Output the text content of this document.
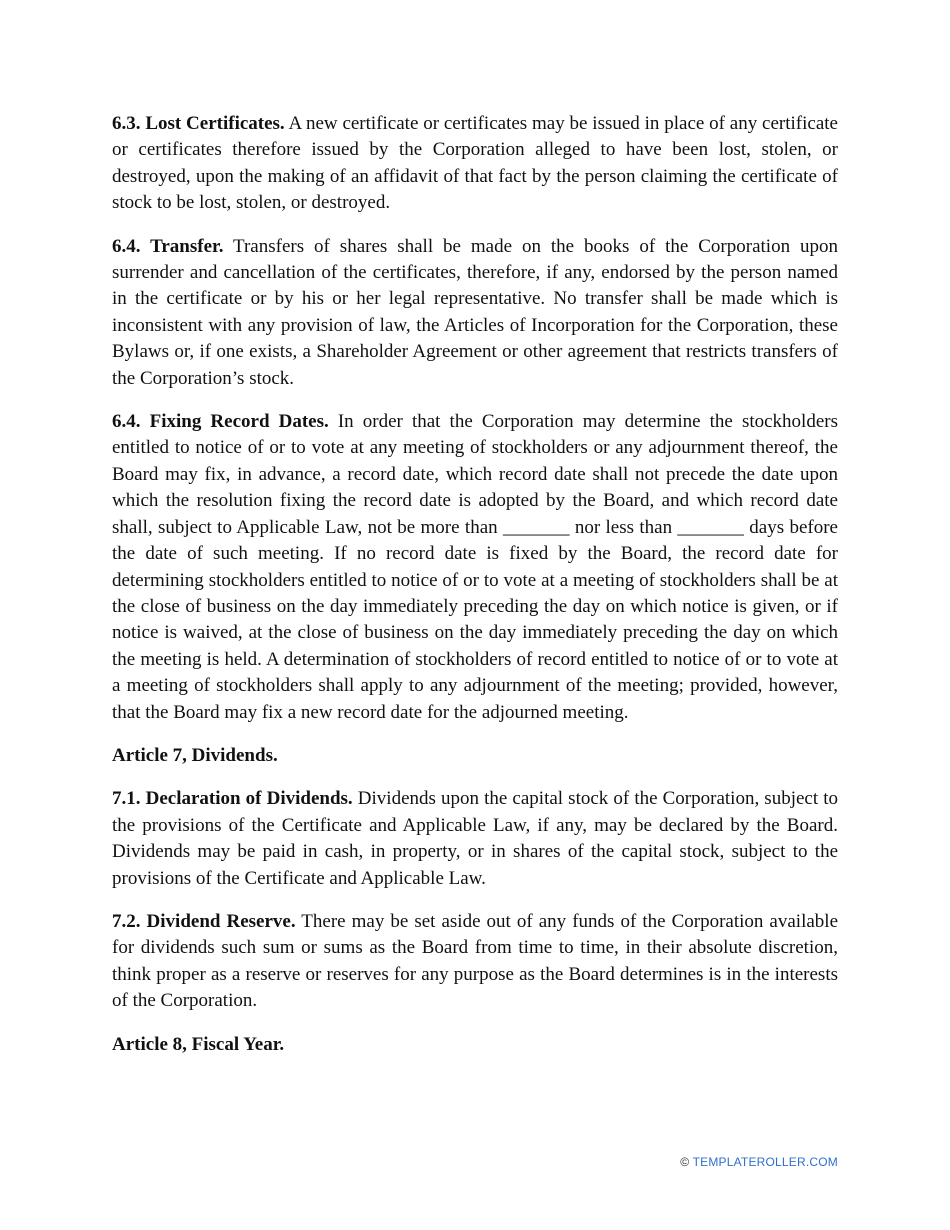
6.3. Lost Certificates. A new certificate or certificates may be issued in place of any certificate or certificates therefore issued by the Corporation alleged to have been lost, stolen, or destroyed, upon the making of an affidavit of that fact by the person claiming the certificate of stock to be lost, stolen, or destroyed.

6.4. Transfer. Transfers of shares shall be made on the books of the Corporation upon surrender and cancellation of the certificates, therefore, if any, endorsed by the person named in the certificate or by his or her legal representative. No transfer shall be made which is inconsistent with any provision of law, the Articles of Incorporation for the Corporation, these Bylaws or, if one exists, a Shareholder Agreement or other agreement that restricts transfers of the Corporation’s stock.

6.4. Fixing Record Dates. In order that the Corporation may determine the stockholders entitled to notice of or to vote at any meeting of stockholders or any adjournment thereof, the Board may fix, in advance, a record date, which record date shall not precede the date upon which the resolution fixing the record date is adopted by the Board, and which record date shall, subject to Applicable Law, not be more than _______ nor less than _______ days before the date of such meeting. If no record date is fixed by the Board, the record date for determining stockholders entitled to notice of or to vote at a meeting of stockholders shall be at the close of business on the day immediately preceding the day on which notice is given, or if notice is waived, at the close of business on the day immediately preceding the day on which the meeting is held. A determination of stockholders of record entitled to notice of or to vote at a meeting of stockholders shall apply to any adjournment of the meeting; provided, however, that the Board may fix a new record date for the adjourned meeting.

Article 7, Dividends.

7.1. Declaration of Dividends. Dividends upon the capital stock of the Corporation, subject to the provisions of the Certificate and Applicable Law, if any, may be declared by the Board. Dividends may be paid in cash, in property, or in shares of the capital stock, subject to the provisions of the Certificate and Applicable Law.

7.2. Dividend Reserve. There may be set aside out of any funds of the Corporation available for dividends such sum or sums as the Board from time to time, in their absolute discretion, think proper as a reserve or reserves for any purpose as the Board determines is in the interests of the Corporation.

Article 8, Fiscal Year.

© TEMPLATEROLLER.COM
